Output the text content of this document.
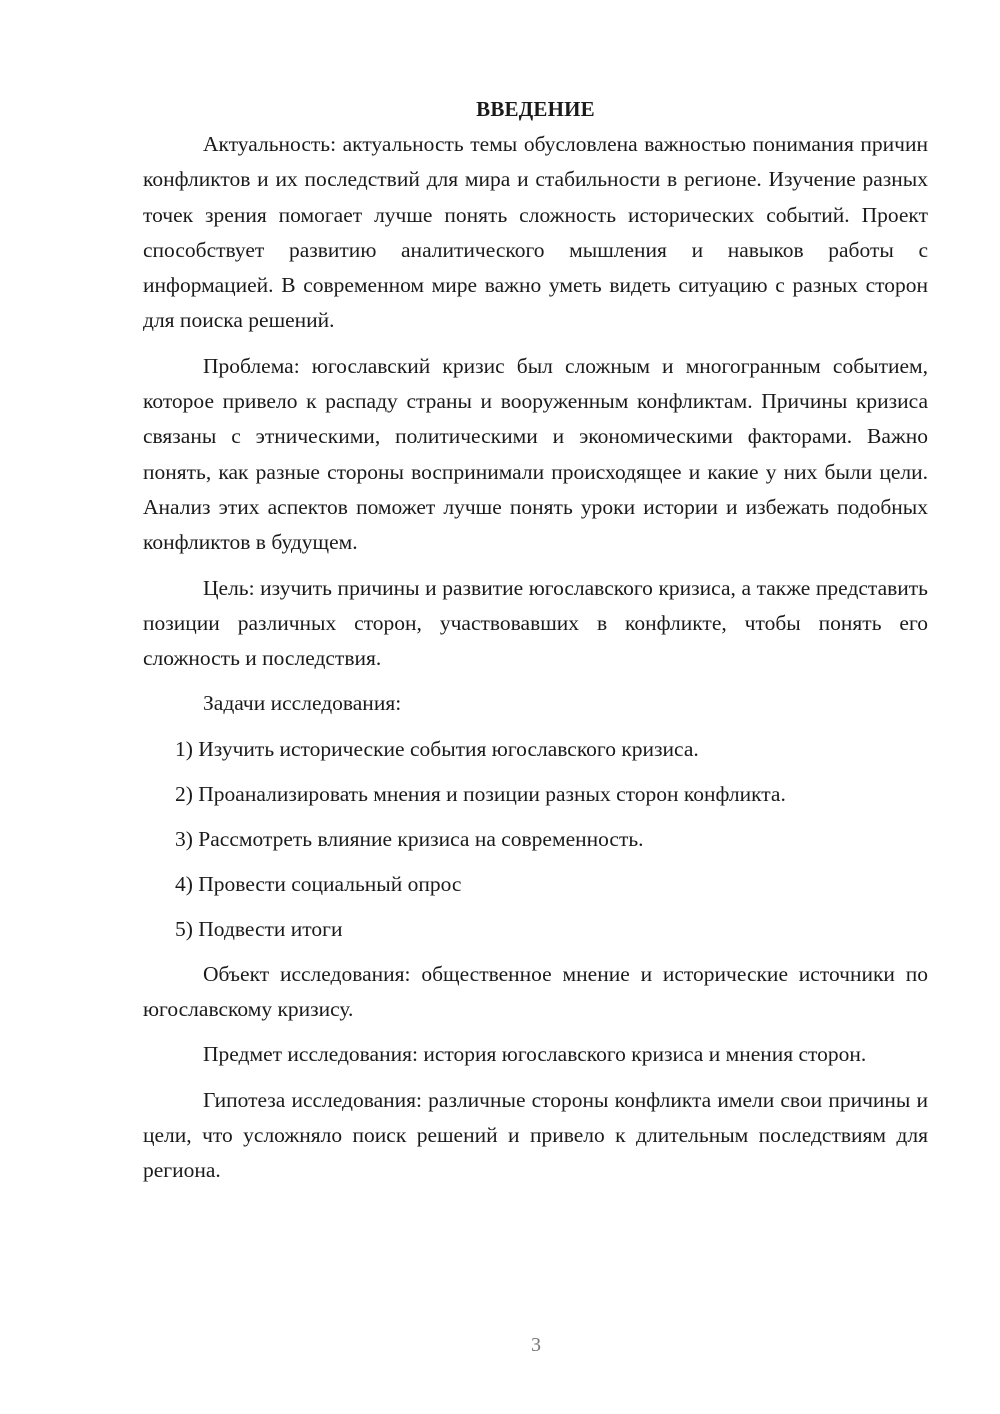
ВВЕДЕНИЕ

Актуальность: актуальность темы обусловлена важностью понимания причин конфликтов и их последствий для мира и стабильности в регионе. Изучение разных точек зрения помогает лучше понять сложность исторических событий. Проект способствует развитию аналитического мышления и навыков работы с информацией. В современном мире важно уметь видеть ситуацию с разных сторон для поиска решений.

Проблема: югославский кризис был сложным и многогранным событием, которое привело к распаду страны и вооруженным конфликтам. Причины кризиса связаны с этническими, политическими и экономическими факторами. Важно понять, как разные стороны воспринимали происходящее и какие у них были цели. Анализ этих аспектов поможет лучше понять уроки истории и избежать подобных конфликтов в будущем.

Цель: изучить причины и развитие югославского кризиса, а также представить позиции различных сторон, участвовавших в конфликте, чтобы понять его сложность и последствия.

Задачи исследования:

1) Изучить исторические события югославского кризиса.

2) Проанализировать мнения и позиции разных сторон конфликта.

3) Рассмотреть влияние кризиса на современность.

4) Провести социальный опрос

5) Подвести итоги

Объект исследования: общественное мнение и исторические источники по югославскому кризису.

Предмет исследования: история югославского кризиса и мнения сторон.

Гипотеза исследования: различные стороны конфликта имели свои причины и цели, что усложняло поиск решений и привело к длительным последствиям для региона.

3
